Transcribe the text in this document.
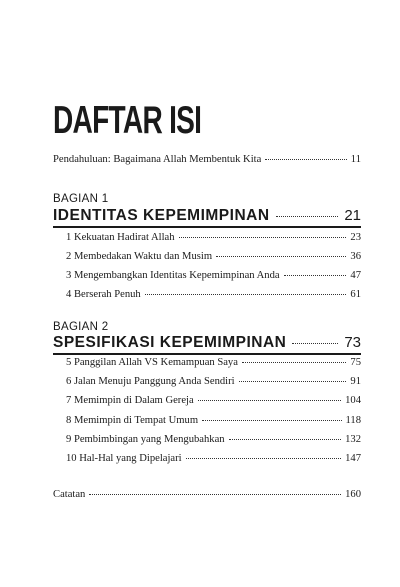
DAFTAR ISI
Pendahuluan: Bagaimana Allah Membentuk Kita	11
BAGIAN 1
IDENTITAS KEPEMIMPINAN	21
1 Kekuatan Hadirat Allah	23
2 Membedakan Waktu dan Musim	36
3 Mengembangkan Identitas Kepemimpinan Anda	47
4 Berserah Penuh	61
BAGIAN 2
SPESIFIKASI KEPEMIMPINAN	73
5 Panggilan Allah VS Kemampuan Saya	75
6 Jalan Menuju Panggung Anda Sendiri	91
7 Memimpin di Dalam Gereja	104
8 Memimpin di Tempat Umum	118
9 Pembimbingan yang Mengubahkan	132
10 Hal-Hal yang Dipelajari	147
Catatan	160
